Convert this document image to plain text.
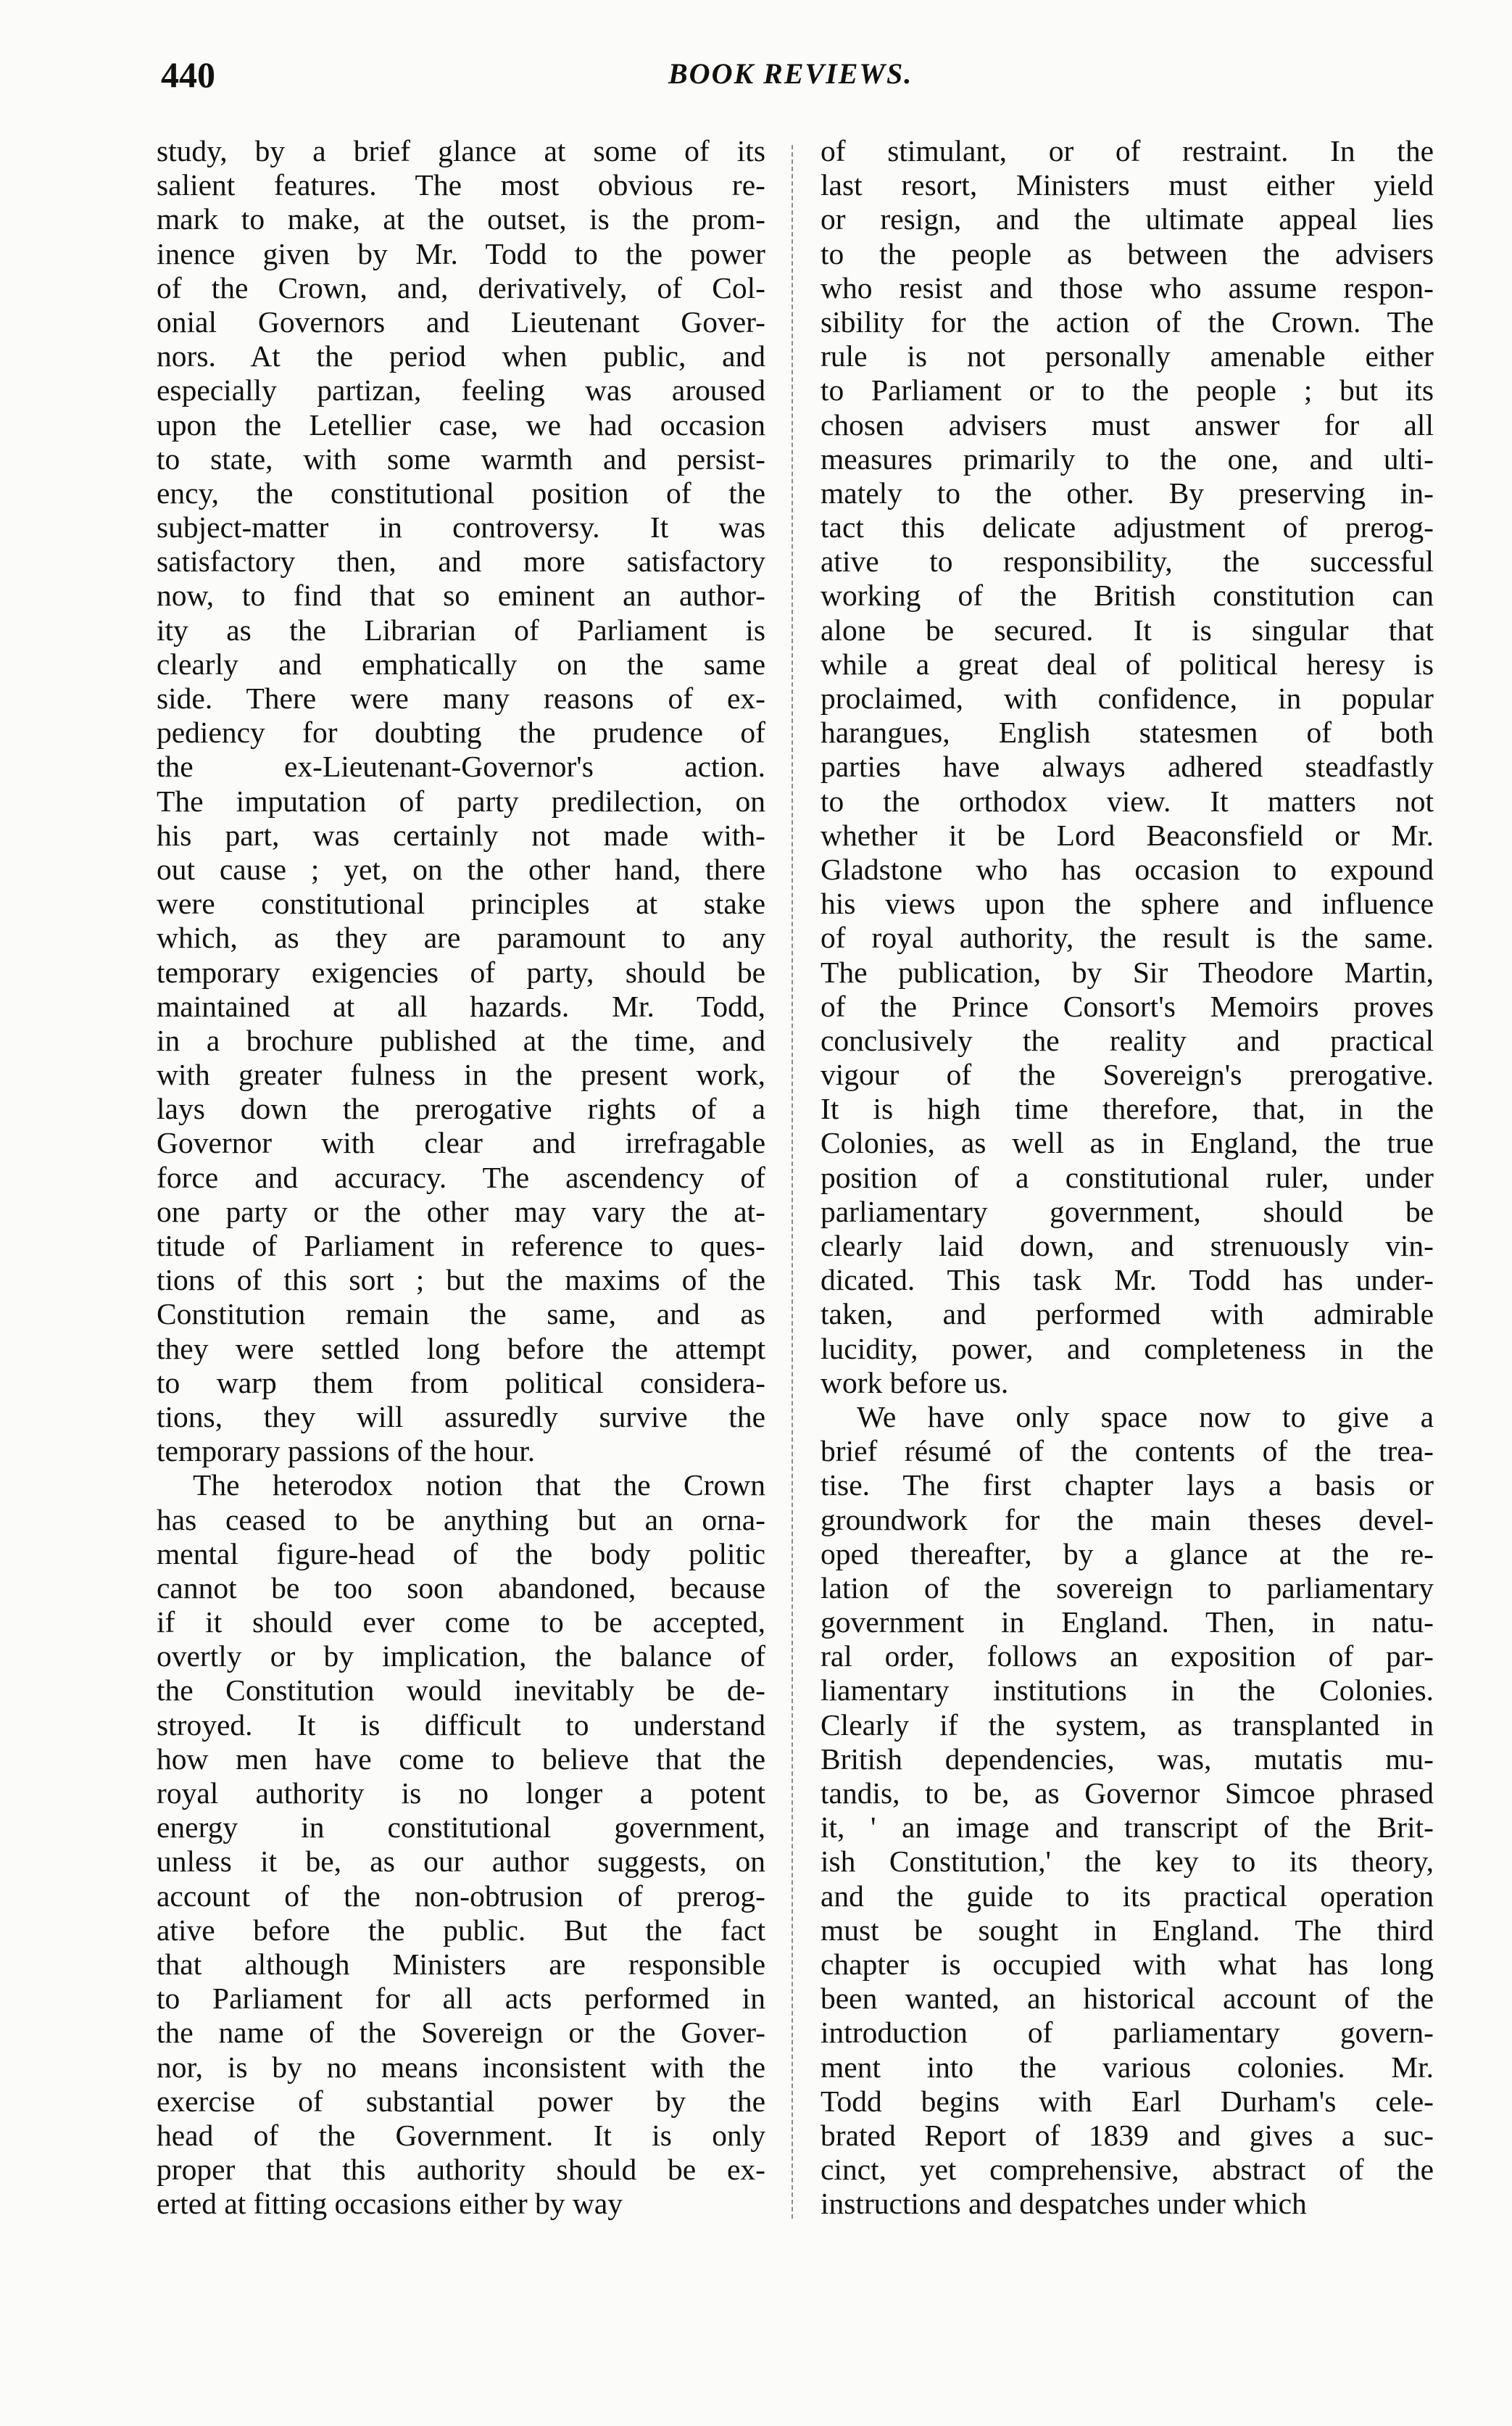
440	BOOK REVIEWS.
study, by a brief glance at some of its
salient features. The most obvious re-
mark to make, at the outset, is the prom-
inence given by Mr. Todd to the power
of the Crown, and, derivatively, of Col-
onial Governors and Lieutenant Gover-
nors. At the period when public, and
especially partizan, feeling was aroused
upon the Letellier case, we had occasion
to state, with some warmth and persist-
ency, the constitutional position of the
subject-matter in controversy. It was
satisfactory then, and more satisfactory
now, to find that so eminent an author-
ity as the Librarian of Parliament is
clearly and emphatically on the same
side. There were many reasons of ex-
pediency for doubting the prudence of
the ex-Lieutenant-Governor's action.
The imputation of party predilection, on
his part, was certainly not made with-
out cause ; yet, on the other hand, there
were constitutional principles at stake
which, as they are paramount to any
temporary exigencies of party, should be
maintained at all hazards. Mr. Todd,
in a brochure published at the time, and
with greater fulness in the present work,
lays down the prerogative rights of a
Governor with clear and irrefragable
force and accuracy. The ascendency of
one party or the other may vary the at-
titude of Parliament in reference to ques-
tions of this sort ; but the maxims of the
Constitution remain the same, and as
they were settled long before the attempt
to warp them from political considera-
tions, they will assuredly survive the
temporary passions of the hour.
The heterodox notion that the Crown
has ceased to be anything but an orna-
mental figure-head of the body politic
cannot be too soon abandoned, because
if it should ever come to be accepted,
overtly or by implication, the balance of
the Constitution would inevitably be de-
stroyed. It is difficult to understand
how men have come to believe that the
royal authority is no longer a potent
energy in constitutional government,
unless it be, as our author suggests, on
account of the non-obtrusion of prerog-
ative before the public. But the fact
that although Ministers are responsible
to Parliament for all acts performed in
the name of the Sovereign or the Gover-
nor, is by no means inconsistent with the
exercise of substantial power by the
head of the Government. It is only
proper that this authority should be ex-
erted at fitting occasions either by way
of stimulant, or of restraint. In the
last resort, Ministers must either yield
or resign, and the ultimate appeal lies
to the people as between the advisers
who resist and those who assume respon-
sibility for the action of the Crown. The
rule is not personally amenable either
to Parliament or to the people ; but its
chosen advisers must answer for all
measures primarily to the one, and ulti-
mately to the other. By preserving in-
tact this delicate adjustment of prerog-
ative to responsibility, the successful
working of the British constitution can
alone be secured. It is singular that
while a great deal of political heresy is
proclaimed, with confidence, in popular
harangues, English statesmen of both
parties have always adhered steadfastly
to the orthodox view. It matters not
whether it be Lord Beaconsfield or Mr.
Gladstone who has occasion to expound
his views upon the sphere and influence
of royal authority, the result is the same.
The publication, by Sir Theodore Martin,
of the Prince Consort's Memoirs proves
conclusively the reality and practical
vigour of the Sovereign's prerogative.
It is high time therefore, that, in the
Colonies, as well as in England, the true
position of a constitutional ruler, under
parliamentary government, should be
clearly laid down, and strenuously vin-
dicated. This task Mr. Todd has under-
taken, and performed with admirable
lucidity, power, and completeness in the
work before us.
We have only space now to give a
brief résumé of the contents of the trea-
tise. The first chapter lays a basis or
groundwork for the main theses devel-
oped thereafter, by a glance at the re-
lation of the sovereign to parliamentary
government in England. Then, in natu-
ral order, follows an exposition of par-
liamentary institutions in the Colonies.
Clearly if the system, as transplanted in
British dependencies, was, mutatis mu-
tandis, to be, as Governor Simcoe phrased
it, ' an image and transcript of the Brit-
ish Constitution,' the key to its theory,
and the guide to its practical operation
must be sought in England. The third
chapter is occupied with what has long
been wanted, an historical account of the
introduction of parliamentary govern-
ment into the various colonies. Mr.
Todd begins with Earl Durham's cele-
brated Report of 1839 and gives a suc-
cinct, yet comprehensive, abstract of the
instructions and despatches under which
